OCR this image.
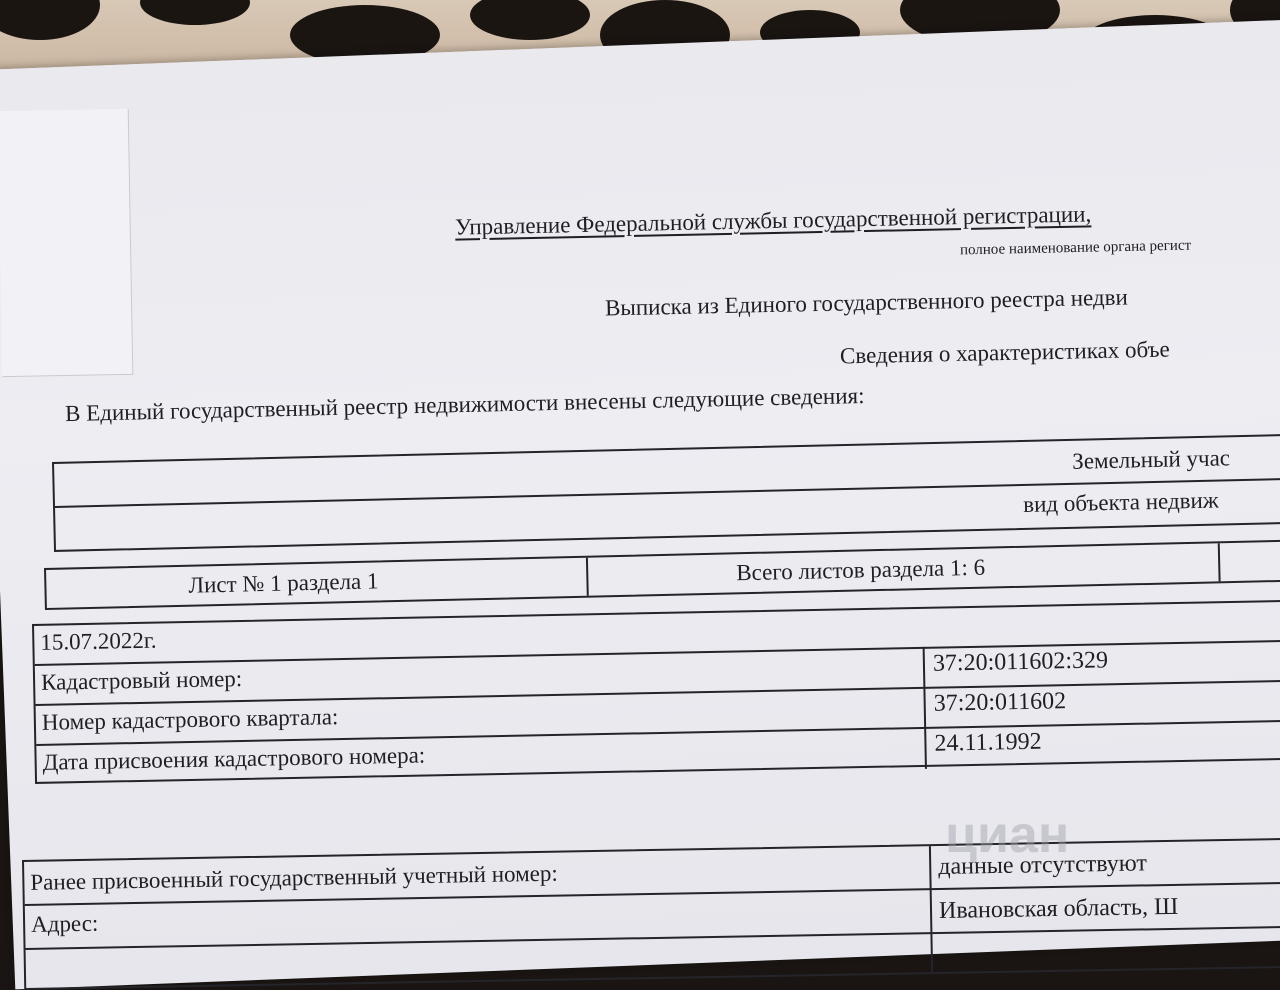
Управление Федеральной службы государственной регистрации,
полное наименование органа регист
Выписка из Единого государственного реестра недви
Сведения о характеристиках объе
В Единый государственный реестр недвижимости внесены следующие сведения:
Земельный учас
вид объекта недвиж
Лист № 1 раздела 1	Всего листов раздела 1: 6
15.07.2022г.
Кадастровый номер:
37:20:011602:329
Номер кадастрового квартала:
37:20:011602
Дата присвоения кадастрового номера:	24.11.1992
Ранее присвоенный государственный учетный номер:	данные отсутствуют
Адрес:	Ивановская область, Ш
циан
